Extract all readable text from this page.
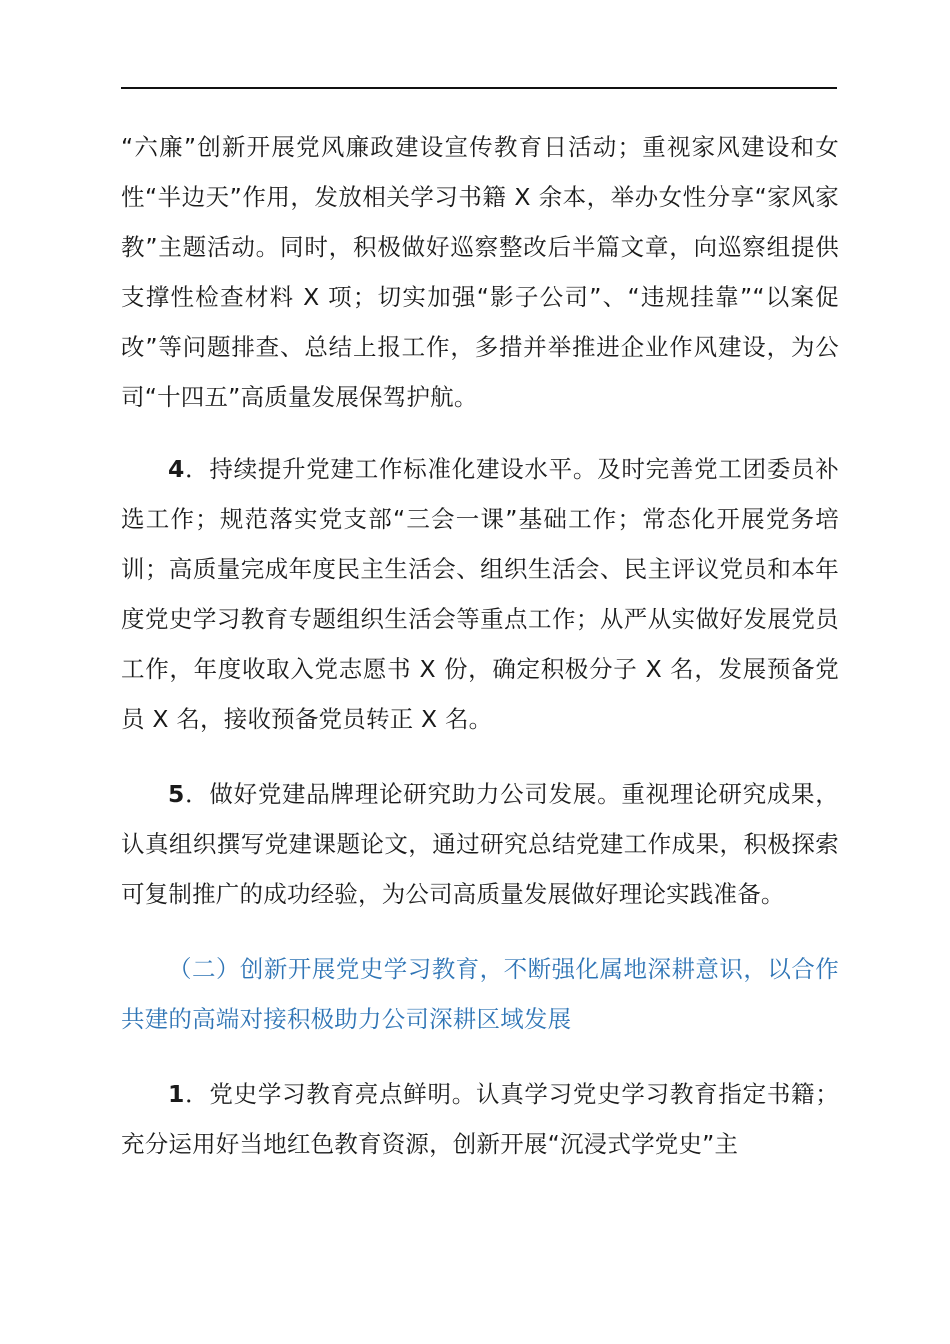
“六廉”创新开展党风廉政建设宣传教育日活动；重视家风建设和女性“半边天”作用，发放相关学习书籍 X 余本，举办女性分享“家风家教”主题活动。同时，积极做好巡察整改后半篇文章，向巡察组提供支撑性检查材料 X 项；切实加强“影子公司”、“违规挂靠”“以案促改”等问题排查、总结上报工作，多措并举推进企业作风建设，为公司“十四五”高质量发展保驾护航。

4．持续提升党建工作标准化建设水平。及时完善党工团委员补选工作；规范落实党支部“三会一课”基础工作；常态化开展党务培训；高质量完成年度民主生活会、组织生活会、民主评议党员和本年度党史学习教育专题组织生活会等重点工作；从严从实做好发展党员工作，年度收取入党志愿书 X 份，确定积极分子 X 名，发展预备党员 X 名，接收预备党员转正 X 名。

5．做好党建品牌理论研究助力公司发展。重视理论研究成果，认真组织撰写党建课题论文，通过研究总结党建工作成果，积极探索可复制推广的成功经验，为公司高质量发展做好理论实践准备。

（二）创新开展党史学习教育，不断强化属地深耕意识，以合作共建的高端对接积极助力公司深耕区域发展

1．党史学习教育亮点鲜明。认真学习党史学习教育指定书籍；充分运用好当地红色教育资源，创新开展“沉浸式学党史”主
